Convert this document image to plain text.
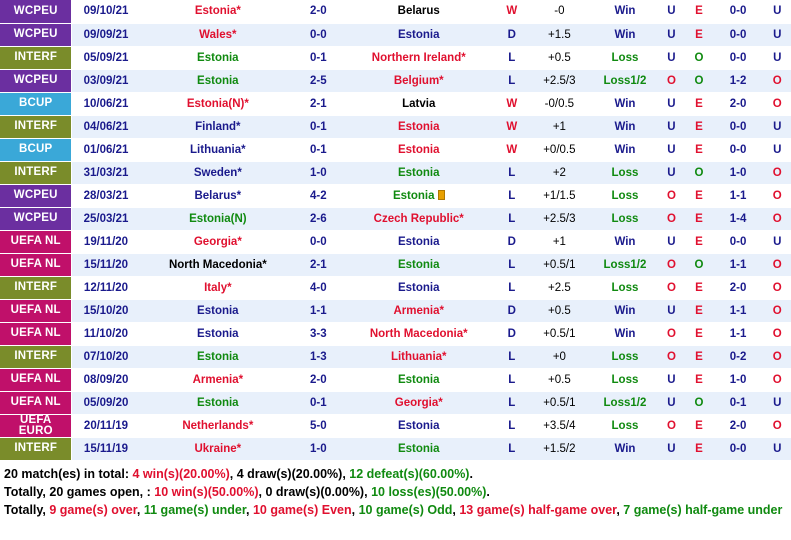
WCPEU	09/10/21	Estonia*	2-0	Belarus	W	-0	Win	U	E	0-0	U
WCPEU	09/09/21	Wales*	0-0	Estonia	D	+1.5	Win	U	E	0-0	U
INTERF	05/09/21	Estonia	0-1	Northern Ireland*	L	+0.5	Loss	U	O	0-0	U
WCPEU	03/09/21	Estonia	2-5	Belgium*	L	+2.5/3	Loss1/2	O	O	1-2	O
BCUP	10/06/21	Estonia(N)*	2-1	Latvia	W	-0/0.5	Win	U	E	2-0	O
INTERF	04/06/21	Finland*	0-1	Estonia	W	+1	Win	U	E	0-0	U
BCUP	01/06/21	Lithuania*	0-1	Estonia	W	+0/0.5	Win	U	E	0-0	U
INTERF	31/03/21	Sweden*	1-0	Estonia	L	+2	Loss	U	O	1-0	O
WCPEU	28/03/21	Belarus*	4-2	Estonia	L	+1/1.5	Loss	O	E	1-1	O
WCPEU	25/03/21	Estonia(N)	2-6	Czech Republic*	L	+2.5/3	Loss	O	E	1-4	O
UEFA NL	19/11/20	Georgia*	0-0	Estonia	D	+1	Win	U	E	0-0	U
UEFA NL	15/11/20	North Macedonia*	2-1	Estonia	L	+0.5/1	Loss1/2	O	O	1-1	O
INTERF	12/11/20	Italy*	4-0	Estonia	L	+2.5	Loss	O	E	2-0	O
UEFA NL	15/10/20	Estonia	1-1	Armenia*	D	+0.5	Win	U	E	1-1	O
UEFA NL	11/10/20	Estonia	3-3	North Macedonia*	D	+0.5/1	Win	O	E	1-1	O
INTERF	07/10/20	Estonia	1-3	Lithuania*	L	+0	Loss	O	E	0-2	O
UEFA NL	08/09/20	Armenia*	2-0	Estonia	L	+0.5	Loss	U	E	1-0	O
UEFA NL	05/09/20	Estonia	0-1	Georgia*	L	+0.5/1	Loss1/2	U	O	0-1	U
UEFA EURO	20/11/19	Netherlands*	5-0	Estonia	L	+3.5/4	Loss	O	E	2-0	O
INTERF	15/11/19	Ukraine*	1-0	Estonia	L	+1.5/2	Win	U	E	0-0	U
20 match(es) in total: 4 win(s)(20.00%), 4 draw(s)(20.00%), 12 defeat(s)(60.00%).
Totally, 20 games open, : 10 win(s)(50.00%), 0 draw(s)(0.00%), 10 loss(es)(50.00%).
Totally, 9 game(s) over, 11 game(s) under, 10 game(s) Even, 10 game(s) Odd, 13 game(s) half-game over, 7 game(s) half-game under
